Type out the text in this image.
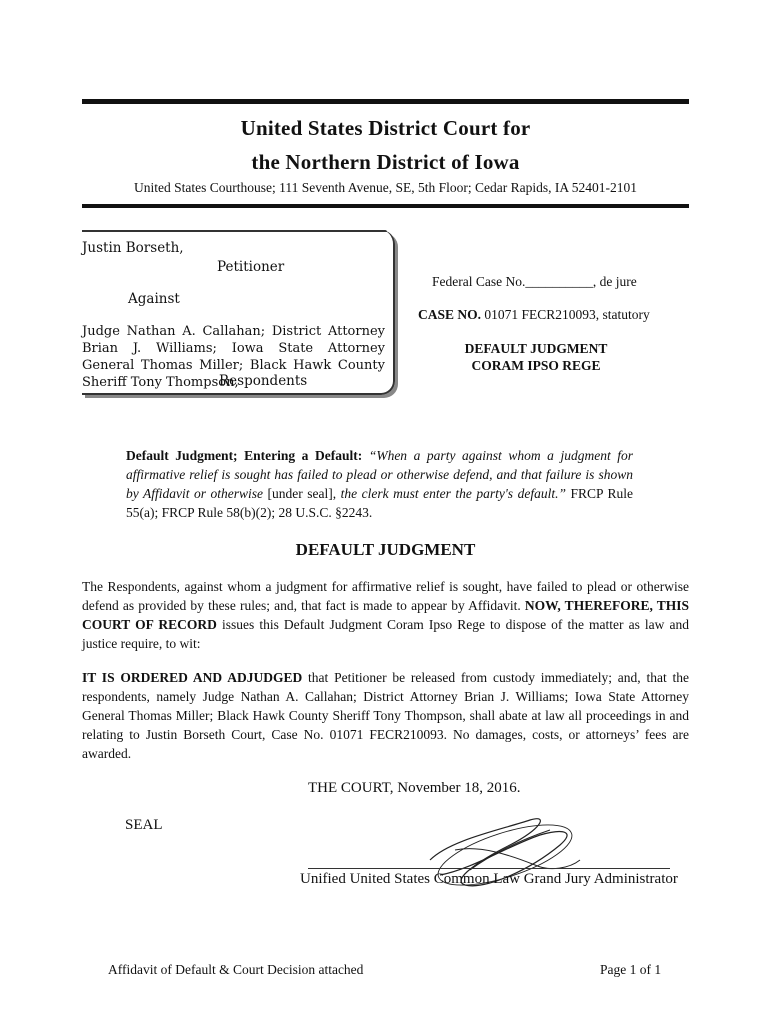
United States District Court for
the Northern District of Iowa
United States Courthouse; 111 Seventh Avenue, SE, 5th Floor; Cedar Rapids, IA 52401-2101
Justin Borseth,
Petitioner
Against
Judge Nathan A. Callahan; District Attorney Brian J. Williams; Iowa State Attorney General Thomas Miller; Black Hawk County Sheriff Tony Thompson,
Respondents
Federal Case No.__________, de jure
CASE NO. 01071 FECR210093, statutory
DEFAULT JUDGMENT
CORAM IPSO REGE
Default Judgment; Entering a Default: “When a party against whom a judgment for affirmative relief is sought has failed to plead or otherwise defend, and that failure is shown by Affidavit or otherwise [under seal], the clerk must enter the party's default.” FRCP Rule 55(a); FRCP Rule 58(b)(2); 28 U.S.C. §2243.
DEFAULT JUDGMENT
The Respondents, against whom a judgment for affirmative relief is sought, have failed to plead or otherwise defend as provided by these rules; and, that fact is made to appear by Affidavit. NOW, THEREFORE, THIS COURT OF RECORD issues this Default Judgment Coram Ipso Rege to dispose of the matter as law and justice require, to wit:
IT IS ORDERED AND ADJUDGED that Petitioner be released from custody immediately; and, that the respondents, namely Judge Nathan A. Callahan; District Attorney Brian J. Williams; Iowa State Attorney General Thomas Miller; Black Hawk County Sheriff Tony Thompson, shall abate at law all proceedings in and relating to Justin Borseth Court, Case No. 01071 FECR210093. No damages, costs, or attorneys’ fees are awarded.
THE COURT, November 18, 2016.
SEAL
Unified United States Common Law Grand Jury Administrator
Affidavit of Default & Court Decision attached	Page 1 of 1
